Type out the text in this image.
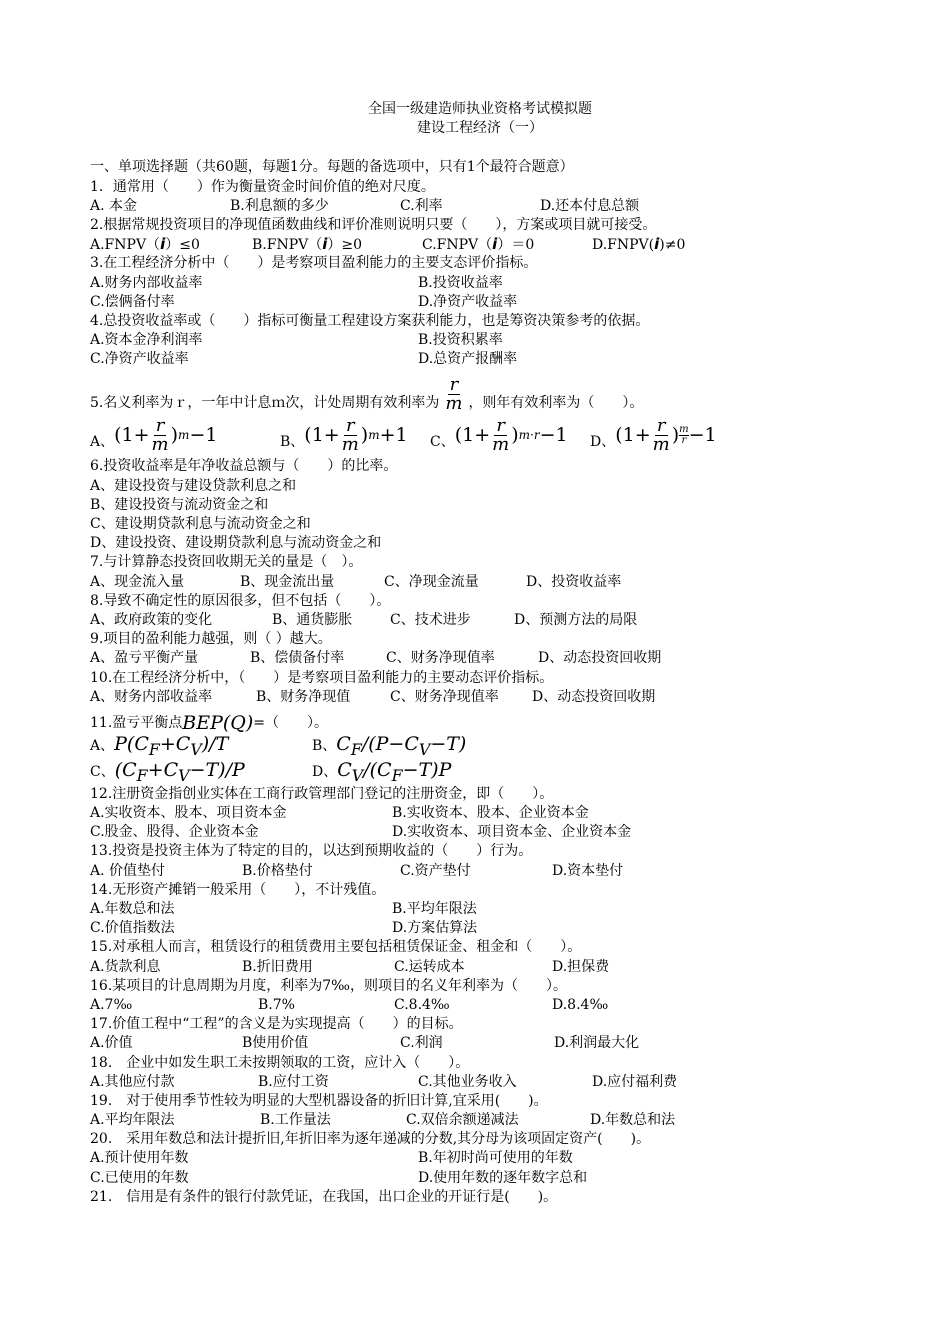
全国一级建造师执业资格考试模拟题
建设工程经济（一）
一、单项选择题（共60题，每题1分。每题的备选项中，只有1个最符合题意）
1．通常用（　　）作为衡量资金时间价值的绝对尺度。
A. 本金	B.利息额的多少	C.利率	D.还本付息总额
2.根据常规投资项目的净现值函数曲线和评价准则说明只要（　　），方案或项目就可接受。
A.FNPV（i）≤0	B.FNPV（i）≥0	C.FNPV（i）＝0	D.FNPV(i)≠0
3.在工程经济分析中（　　）是考察项目盈利能力的主要支态评价指标。
A.财务内部收益率	B.投资收益率
C.偿俩备付率	D.净资产收益率
4.总投资收益率或（　　）指标可衡量工程建设方案获利能力，也是筹资决策参考的依据。
A.资本金净利润率	B.投资积累率
C.净资产收益率	D.总资产报酬率
5.名义利率为ｒ，一年中计息ｍ次，计处周期有效利率为 $\frac{r}{m}$ ，则年有效利率为（　　）。
A、 ($1+ \frac{r}{m}$ ) m −1	B、 ($1+ \frac{r}{m}$ ) m +1 C、 ($1+ \frac{r}{m}$ ) m·r −1 D、 ($1+ \frac{r}{m}$ ) m
r −1
6.投资收益率是年净收益总额与（　　）的比率。
A、建设投资与建设贷款利息之和
B、建设投资与流动资金之和
C、建设期贷款利息与流动资金之和
D、建设投资、建设期贷款利息与流动资金之和
7.与计算静态投资回收期无关的量是（　）。
A、现金流入量	B、现金流出量	C、净现金流量	D、投资收益率
8.导致不确定性的原因很多，但不包括（　　）。
A、政府政策的变化	B、通货膨胀	C、技术进步	D、预测方法的局限
9.项目的盈利能力越强，则（ ）越大。
A、盈亏平衡产量	B、偿债备付率	C、财务净现值率	D、动态投资回收期
10.在工程经济分析中，（　　）是考察项目盈利能力的主要动态评价指标。
A、财务内部收益率	B、财务净现值	C、财务净现值率	D、动态投资回收期
11.盈亏平衡点 BEP(Q) =（　　）。
A、$P(C_F+C_V)/T$	B、$C_F/(P-C_V-T)$
C、$(C_F+C_V-T)/P$	D、$C_V/(C_F-T)P$
12.注册资金指创业实体在工商行政管理部门登记的注册资金，即（　　）。
A.实收资本、股本、项目资本金	B.实收资本、股本、企业资本金
C.股金、股得、企业资本金	D.实收资本、项目资本金、企业资本金
13.投资是投资主体为了特定的目的，以达到预期收益的（　　）行为。
A. 价值垫付	B.价格垫付	C.资产垫付	D.资本垫付
14.无形资产摊销一般采用（　　），不计残值。
A.年数总和法	B.平均年限法
C.价值指数法	D.方案估算法
15.对承租人而言，租赁设行的租赁费用主要包括租赁保证金、租金和（　　）。
A.货款利息	B.折旧费用	C.运转成本	D.担保费
16.某项目的计息周期为月度，利率为7‰，则项目的名义年利率为（　　）。
A.7‰	B.7%	C.8.4‰	D.8.4‰
17.价值工程中“工程”的含义是为实现提高（　　）的目标。
A.价值	B使用价值	C.利润	D.利润最大化
18.　企业中如发生职工未按期领取的工资，应计入（　　）。
A.其他应付款	B.应付工资	C.其他业务收入	D.应付福利费
19.　对于使用季节性较为明显的大型机器设备的折旧计算,宜采用(　　)。
A.平均年限法	B.工作量法	C.双倍余额递减法	D.年数总和法
20.　采用年数总和法计提折旧,年折旧率为逐年递减的分数,其分母为该项固定资产(　　)。
A.预计使用年数	B.年初时尚可使用的年数
C.已使用的年数	D.使用年数的逐年数字总和
21.　信用是有条件的银行付款凭证，在我国，出口企业的开证行是(　　)。
